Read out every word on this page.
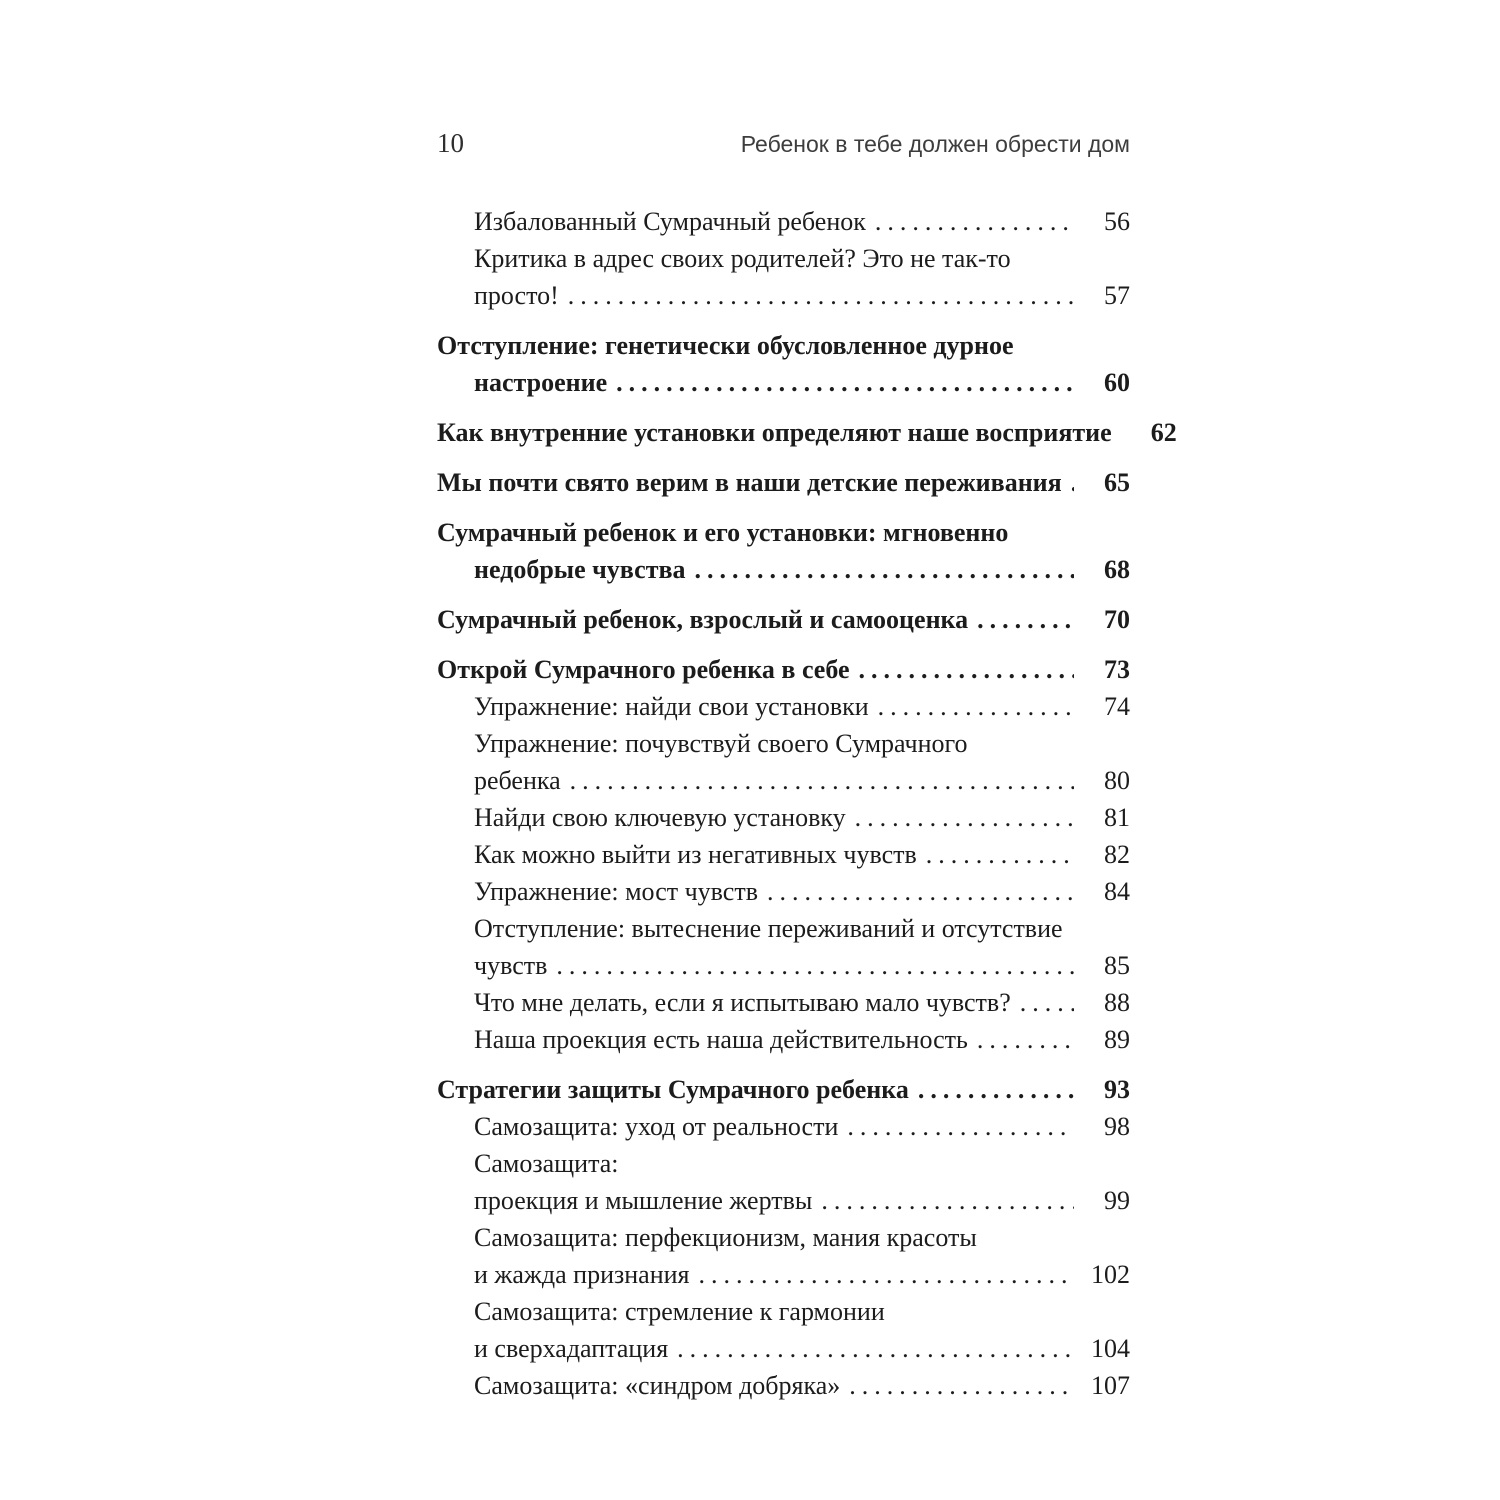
10	Ребенок в тебе должен обрести дом
Избалованный Сумрачный ребенок .....	56
Критика в адрес своих родителей? Это не так-то
просто! .....	57
Отступление: генетически обусловленное дурное
настроение .....	60
Как внутренние установки определяют наше восприятие	62
Мы почти свято верим в наши детские переживания .....	65
Сумрачный ребенок и его установки: мгновенно
недобрые чувства .....	68
Сумрачный ребенок, взрослый и самооценка .....	70
Открой Сумрачного ребенка в себе .....	73
Упражнение: найди свои установки .....	74
Упражнение: почувствуй своего Сумрачного
ребенка .....	80
Найди свою ключевую установку .....	81
Как можно выйти из негативных чувств .....	82
Упражнение: мост чувств .....	84
Отступление: вытеснение переживаний и отсутствие
чувств .....	85
Что мне делать, если я испытываю мало чувств? .....	88
Наша проекция есть наша действительность .....	89
Стратегии защиты Сумрачного ребенка .....	93
Самозащита: уход от реальности .....	98
Самозащита:
проекция и мышление жертвы .....	99
Самозащита: перфекционизм, мания красоты
и жажда признания .....	102
Самозащита: стремление к гармонии
и сверхадаптация .....	104
Самозащита: «синдром добряка» .....	107
